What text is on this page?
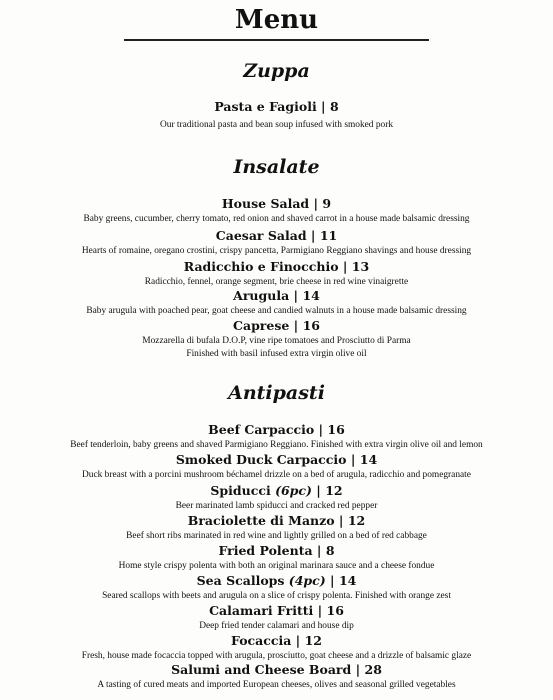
Menu
Zuppa
Pasta e Fagioli | 8
Our traditional pasta and bean soup infused with smoked pork
Insalate
House Salad | 9
Baby greens, cucumber, cherry tomato, red onion and shaved carrot in a house made balsamic dressing
Caesar Salad | 11
Hearts of romaine, oregano crostini, crispy pancetta, Parmigiano Reggiano shavings and house dressing
Radicchio e Finocchio | 13
Radicchio, fennel, orange segment, brie cheese in red wine vinaigrette
Arugula | 14
Baby arugula with poached pear, goat cheese and candied walnuts in a house made balsamic dressing
Caprese | 16
Mozzarella di bufala D.O.P, vine ripe tomatoes and Prosciutto di Parma
Finished with basil infused extra virgin olive oil
Antipasti
Beef Carpaccio | 16
Beef tenderloin, baby greens and shaved Parmigiano Reggiano. Finished with extra virgin olive oil and lemon
Smoked Duck Carpaccio | 14
Duck breast with a porcini mushroom béchamel drizzle on a bed of arugula, radicchio and pomegranate
Spiducci (6pc) | 12
Beer marinated lamb spiducci and cracked red pepper
Braciolette di Manzo | 12
Beef short ribs marinated in red wine and lightly grilled on a bed of red cabbage
Fried Polenta | 8
Home style crispy polenta with both an original marinara sauce and a cheese fondue
Sea Scallops (4pc) | 14
Seared scallops with beets and arugula on a slice of crispy polenta. Finished with orange zest
Calamari Fritti | 16
Deep fried tender calamari and house dip
Focaccia | 12
Fresh, house made focaccia topped with arugula, prosciutto, goat cheese and a drizzle of balsamic glaze
Salumi and Cheese Board | 28
A tasting of cured meats and imported European cheeses, olives and seasonal grilled vegetables
